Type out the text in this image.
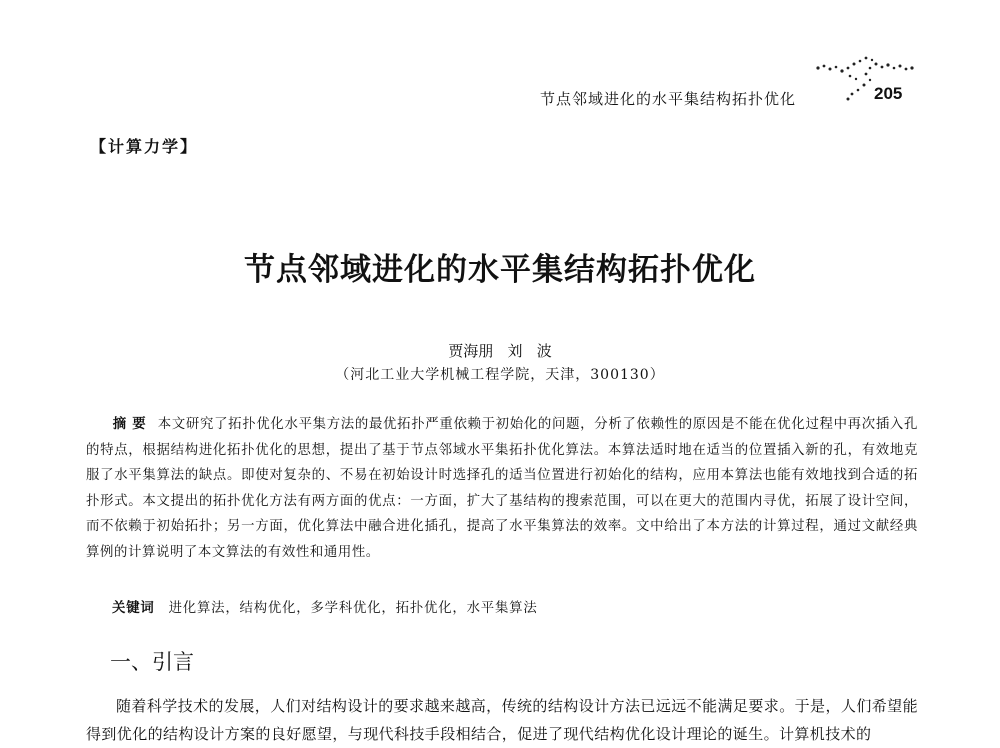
节点邻域进化的水平集结构拓扑优化	205
【计算力学】
节点邻域进化的水平集结构拓扑优化
贾海朋   刘   波
（河北工业大学机械工程学院，天津，300130）
摘要 本文研究了拓扑优化水平集方法的最优拓扑严重依赖于初始化的问题，分析了依赖性的原因是不能在优化过程中再次插入孔的特点，根据结构进化拓扑优化的思想，提出了基于节点邻域水平集拓扑优化算法。本算法适时地在适当的位置插入新的孔，有效地克服了水平集算法的缺点。即使对复杂的、不易在初始设计时选择孔的适当位置进行初始化的结构，应用本算法也能有效地找到合适的拓扑形式。本文提出的拓扑优化方法有两方面的优点：一方面，扩大了基结构的搜索范围，可以在更大的范围内寻优，拓展了设计空间，而不依赖于初始拓扑；另一方面，优化算法中融合进化插孔，提高了水平集算法的效率。文中给出了本方法的计算过程，通过文献经典算例的计算说明了本文算法的有效性和通用性。
关键词 进化算法，结构优化，多学科优化，拓扑优化，水平集算法
一、引言
随着科学技术的发展，人们对结构设计的要求越来越高，传统的结构设计方法已远远不能满足要求。于是，人们希望能得到优化的结构设计方案的良好愿望，与现代科技手段相结合，促进了现代结构优化设计理论的诞生。计算机技术的
